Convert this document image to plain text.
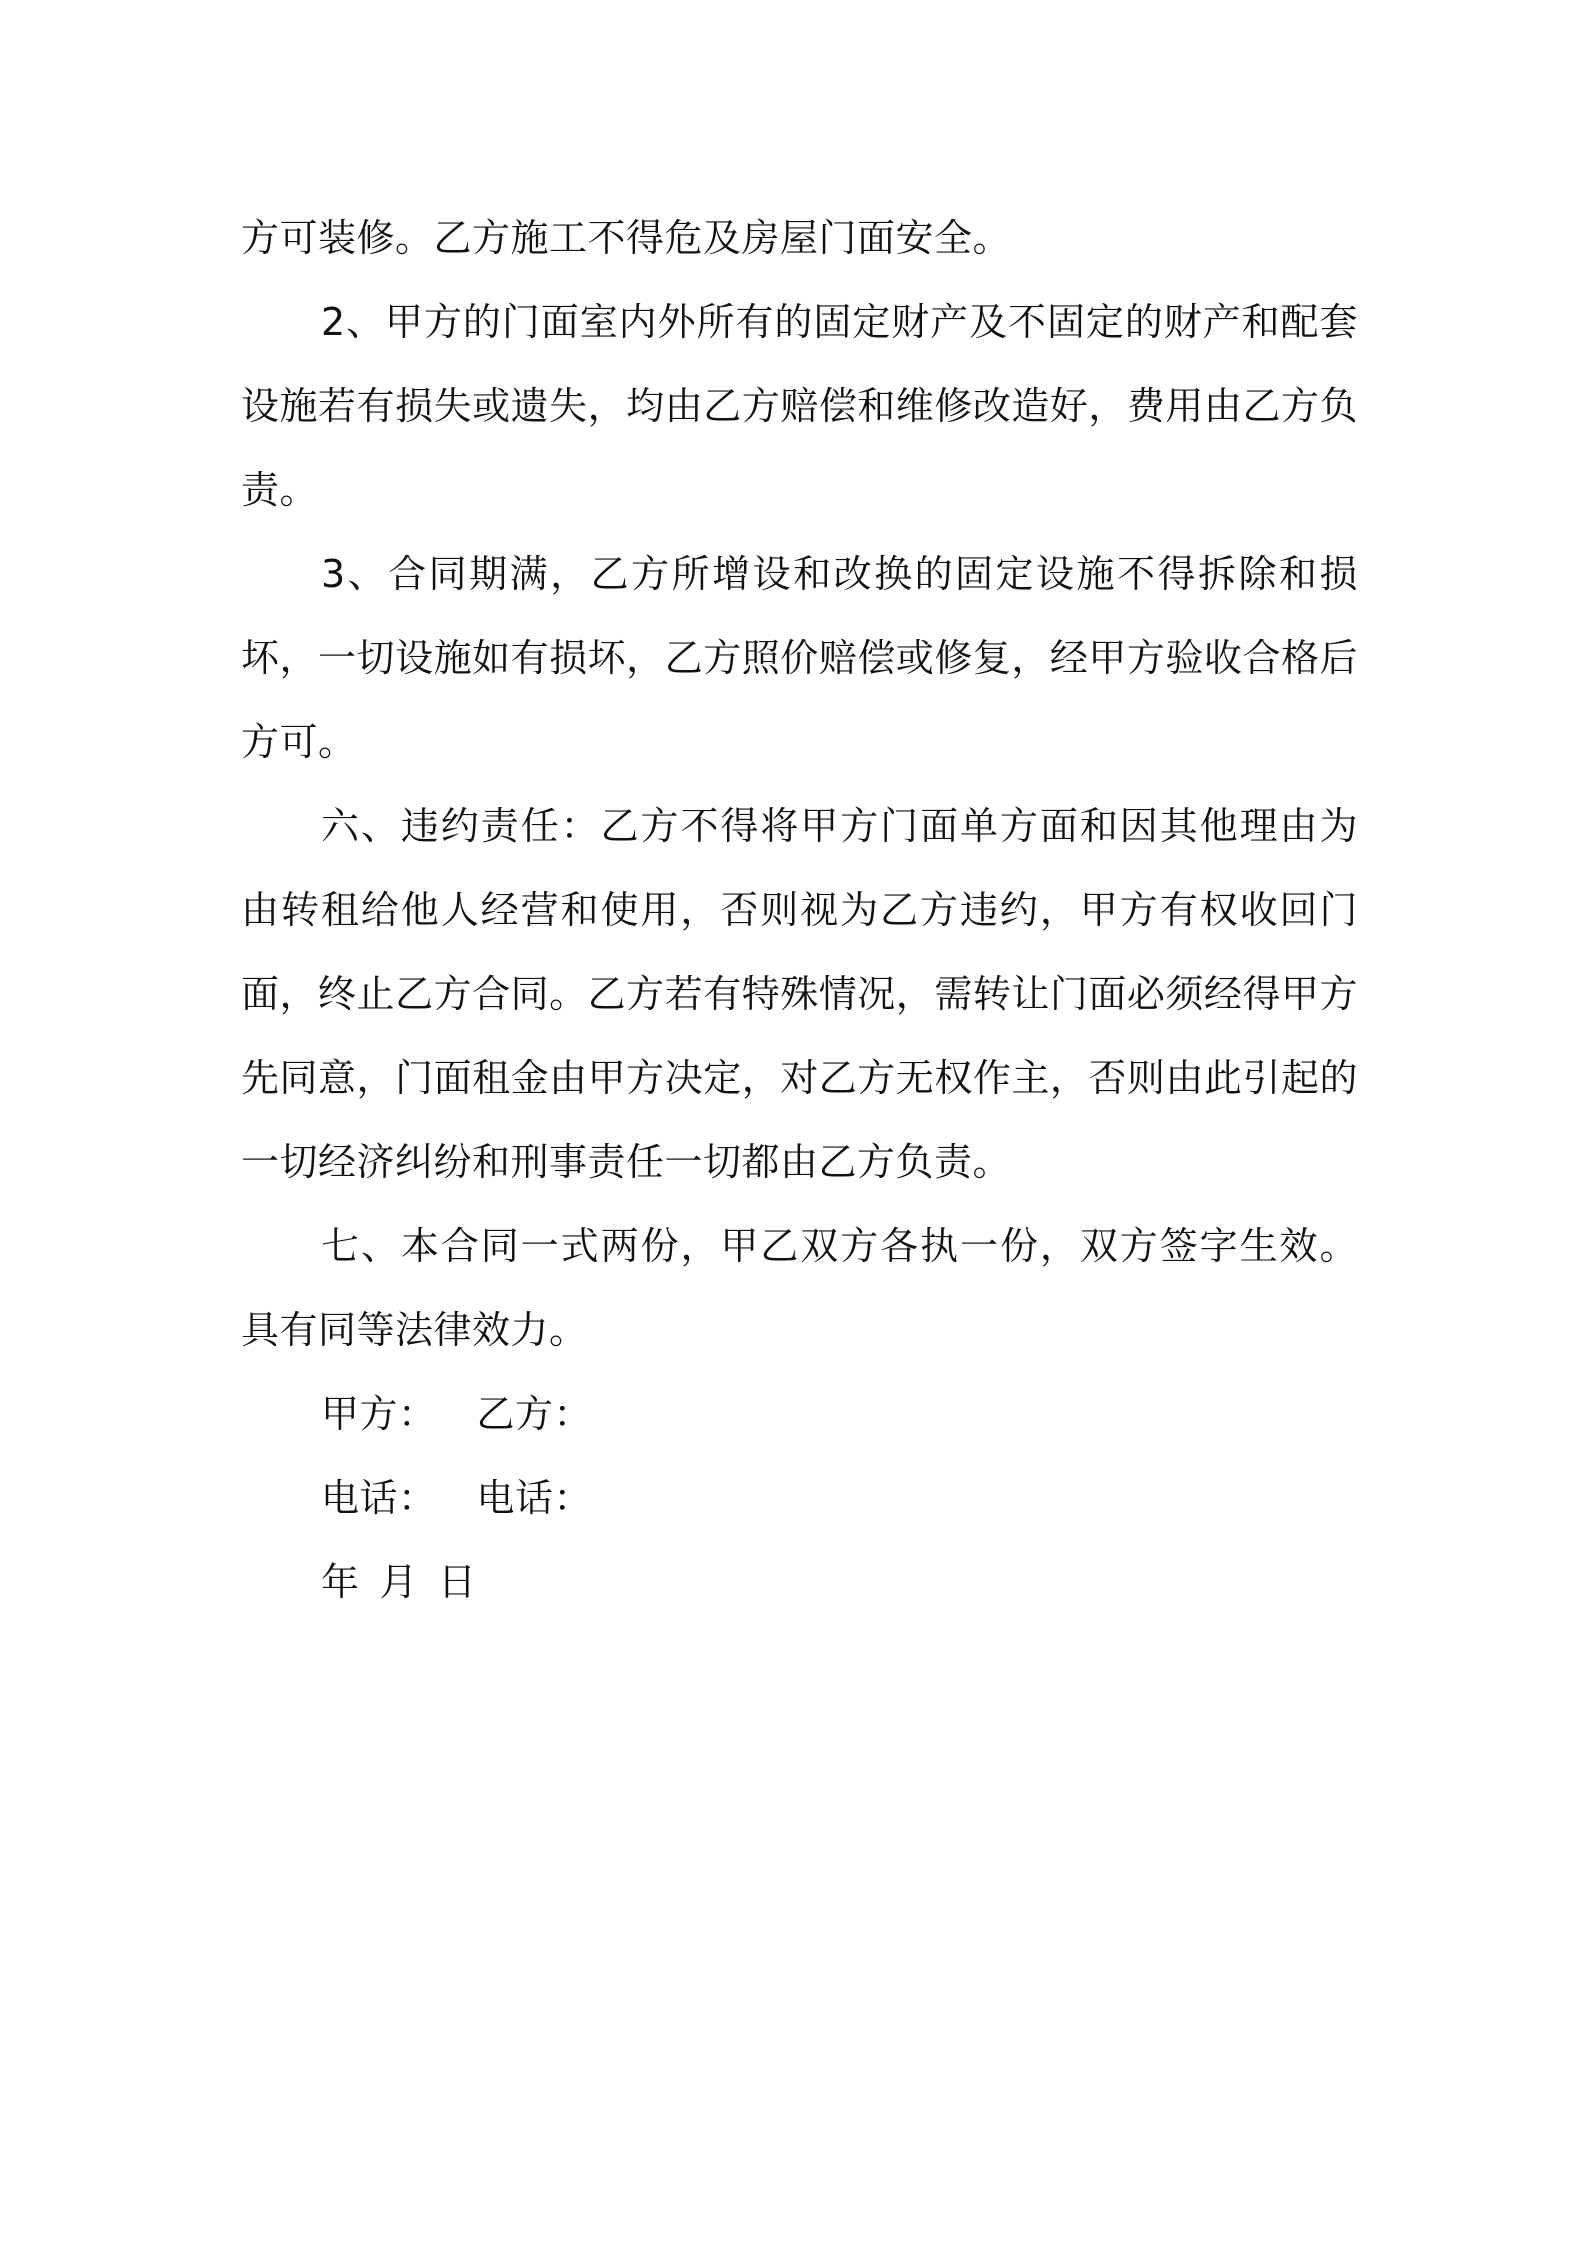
方可装修。乙方施工不得危及房屋门面安全。

2、甲方的门面室内外所有的固定财产及不固定的财产和配套设施若有损失或遗失，均由乙方赔偿和维修改造好，费用由乙方负责。

3、合同期满，乙方所增设和改换的固定设施不得拆除和损坏，一切设施如有损坏，乙方照价赔偿或修复，经甲方验收合格后方可。

六、违约责任：乙方不得将甲方门面单方面和因其他理由为由转租给他人经营和使用，否则视为乙方违约，甲方有权收回门面，终止乙方合同。乙方若有特殊情况，需转让门面必须经得甲方先同意，门面租金由甲方决定，对乙方无权作主，否则由此引起的一切经济纠纷和刑事责任一切都由乙方负责。

七、本合同一式两份，甲乙双方各执一份，双方签字生效。具有同等法律效力。

甲方： 乙方：
电话： 电话：
年 月 日
